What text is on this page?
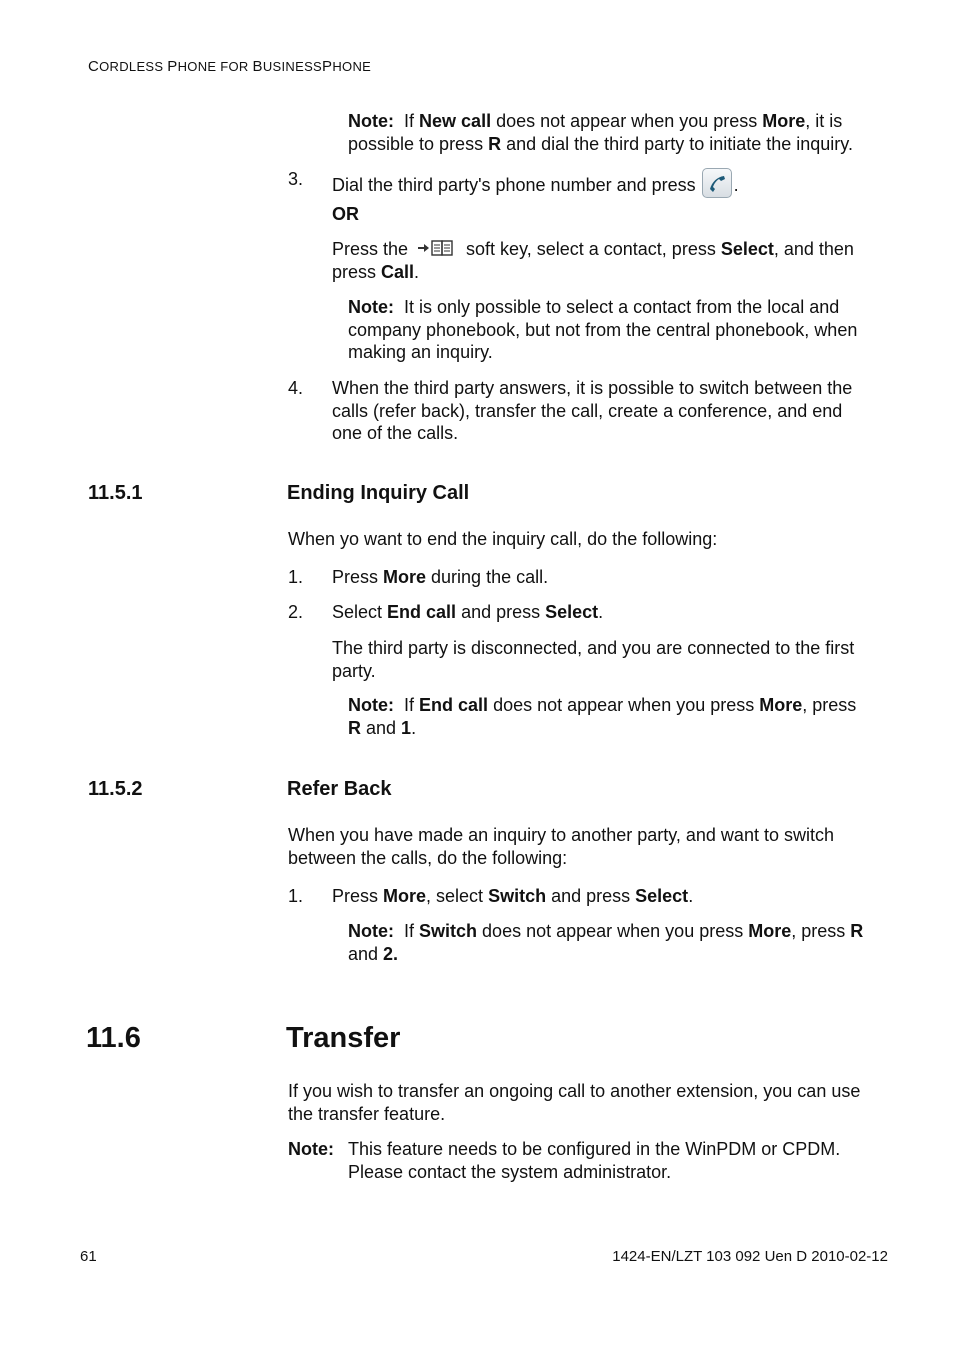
CORDLESS PHONE FOR BUSINESSPHONE
Note: If New call does not appear when you press More, it is
possible to press R and dial the third party to initiate the inquiry.
3. Dial the third party's phone number and press .
OR
Press the	soft key, select a contact, press Select, and then
press Call.
Note: It is only possible to select a contact from the local and
company phonebook, but not from the central phonebook, when
making an inquiry.
4. When the third party answers, it is possible to switch between the
calls (refer back), transfer the call, create a conference, and end
one of the calls.
11.5.1	Ending Inquiry Call
When yo want to end the inquiry call, do the following:
1. Press More during the call.
2. Select End call and press Select.
The third party is disconnected, and you are connected to the first
party.
Note: If End call does not appear when you press More, press
R and 1.
11.5.2	Refer Back
When you have made an inquiry to another party, and want to switch
between the calls, do the following:
1. Press More, select Switch and press Select.
Note: If Switch does not appear when you press More, press R
and 2.
11.6	Transfer
If you wish to transfer an ongoing call to another extension, you can use
the transfer feature.
Note: This feature needs to be configured in the WinPDM or CPDM.
Please contact the system administrator.
61	1424-EN/LZT 103 092 Uen D 2010-02-12
